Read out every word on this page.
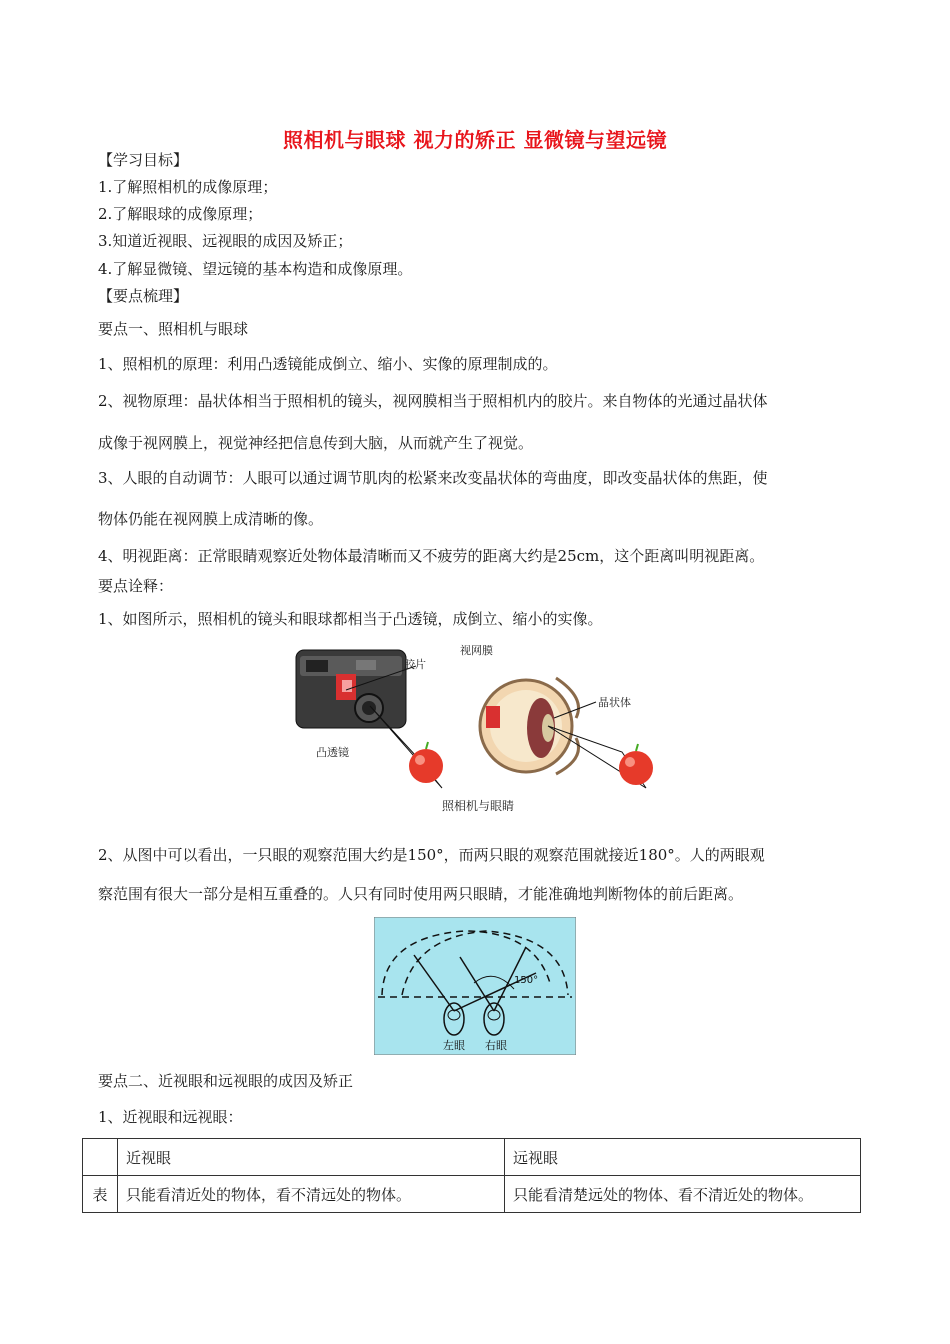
照相机与眼球 视力的矫正 显微镜与望远镜
【学习目标】
1.了解照相机的成像原理；
2.了解眼球的成像原理；
3.知道近视眼、远视眼的成因及矫正；
4.了解显微镜、望远镜的基本构造和成像原理。
【要点梳理】
要点一、照相机与眼球
1、照相机的原理：利用凸透镜能成倒立、缩小、实像的原理制成的。
2、视物原理：晶状体相当于照相机的镜头，视网膜相当于照相机内的胶片。来自物体的光通过晶状体
成像于视网膜上，视觉神经把信息传到大脑，从而就产生了视觉。
3、人眼的自动调节：人眼可以通过调节肌肉的松紧来改变晶状体的弯曲度，即改变晶状体的焦距，使
物体仍能在视网膜上成清晰的像。
4、明视距离：正常眼睛观察近处物体最清晰而又不疲劳的距离大约是25cm，这个距离叫明视距离。
要点诠释：
1、如图所示，照相机的镜头和眼球都相当于凸透镜，成倒立、缩小的实像。
胶片
凸透镜
视网膜
晶状体
照相机与眼睛
2、从图中可以看出，一只眼的观察范围大约是150°，而两只眼的观察范围就接近180°。人的两眼观
察范围有很大一部分是相互重叠的。人只有同时使用两只眼睛，才能准确地判断物体的前后距离。
150°
左眼 右眼
要点二、近视眼和远视眼的成因及矫正
1、近视眼和远视眼：
	近视眼	远视眼
表	只能看清近处的物体，看不清远处的物体。	只能看清楚远处的物体、看不清近处的物体。
